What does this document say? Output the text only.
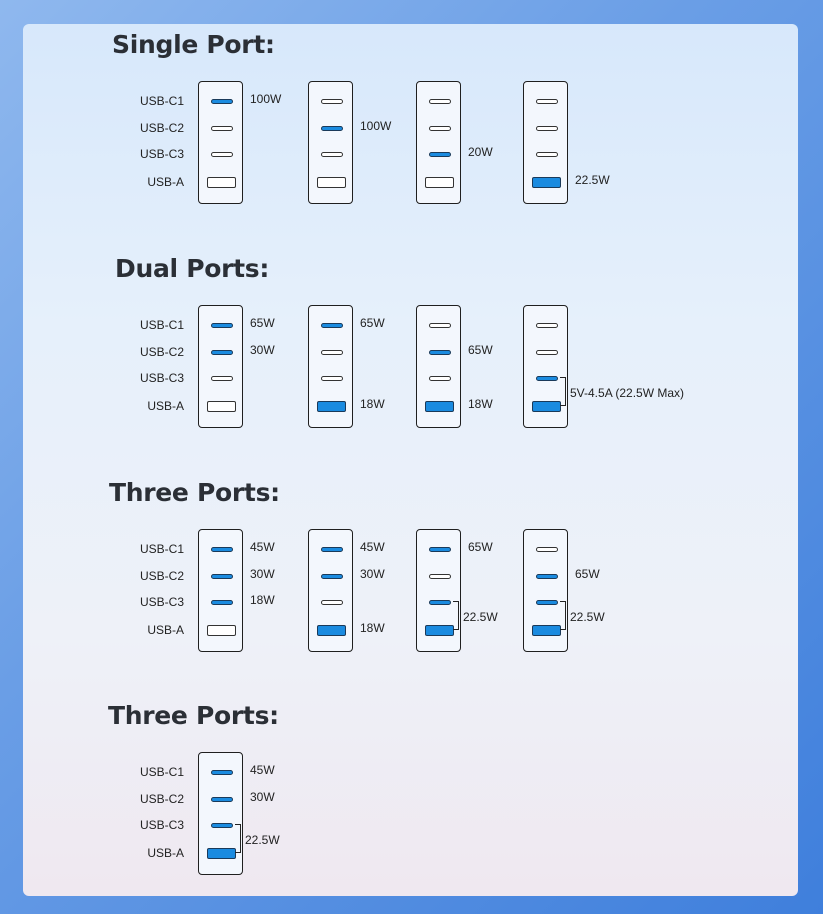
Single Port:
USB-C1
USB-C2
USB-C3
USB-A
100W
100W
20W
22.5W
Dual Ports:
USB-C1
USB-C2
USB-C3
USB-A
65W
30W
65W
18W
65W
18W
5V-4.5A (22.5W Max)
Three Ports:
USB-C1
USB-C2
USB-C3
USB-A
45W
30W
18W
45W
30W
18W
65W
22.5W
65W
22.5W
Three Ports:
USB-C1
USB-C2
USB-C3
USB-A
45W
30W
22.5W
